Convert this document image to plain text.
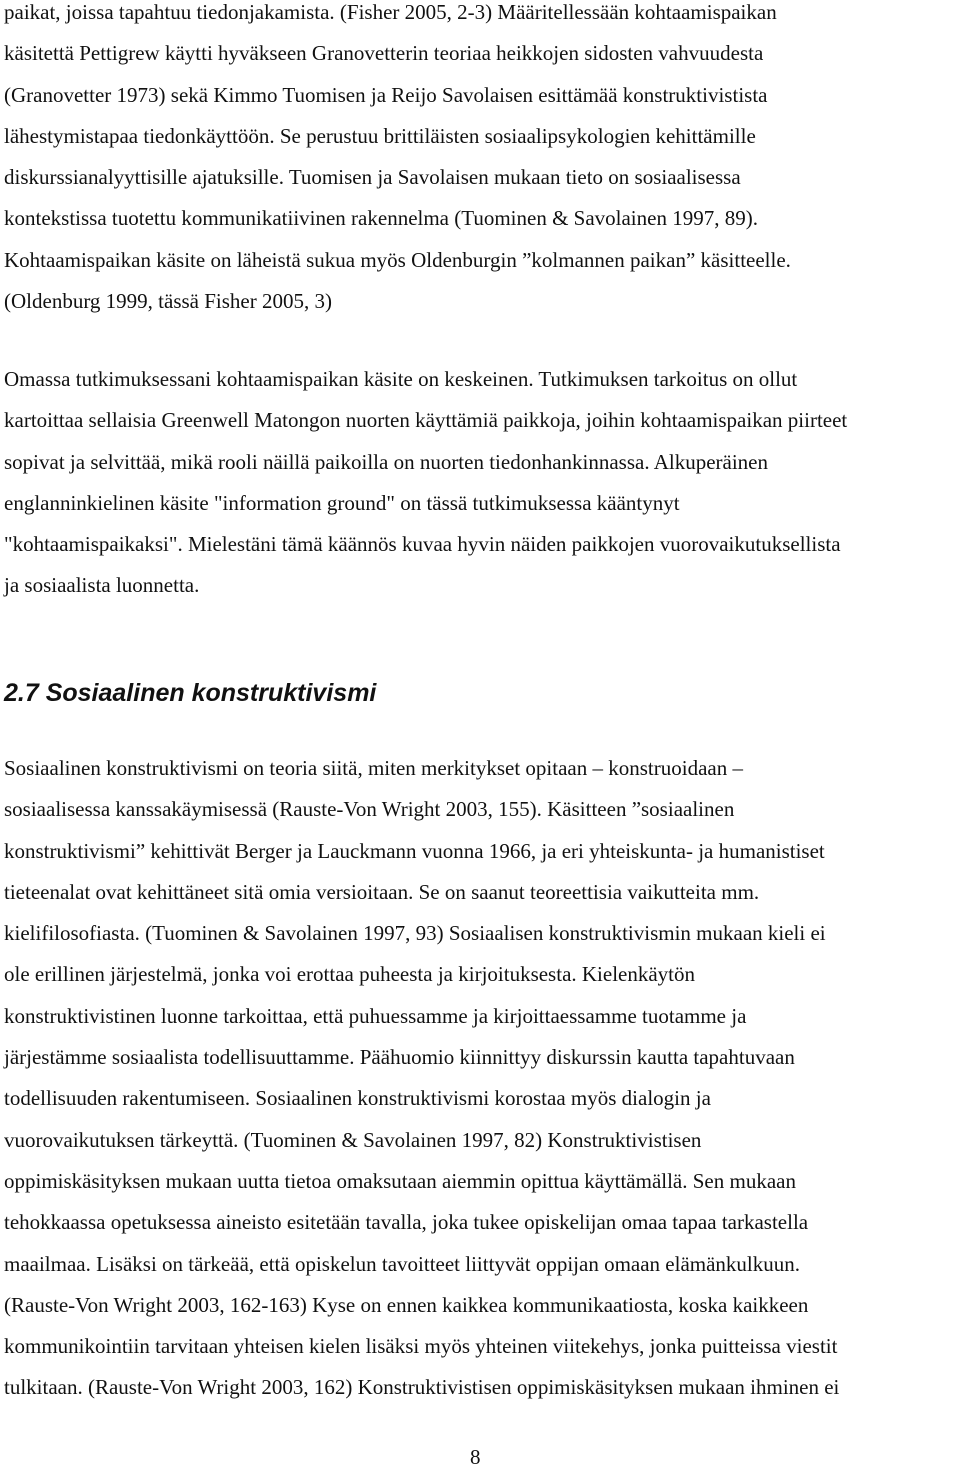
paikat, joissa tapahtuu tiedonjakamista. (Fisher 2005, 2-3) Määritellessään kohtaamispaikan
käsitettä Pettigrew käytti hyväkseen Granovetterin teoriaa heikkojen sidosten vahvuudesta
(Granovetter 1973) sekä Kimmo Tuomisen ja Reijo Savolaisen esittämää konstruktivistista
lähestymistapaa tiedonkäyttöön. Se perustuu brittiläisten sosiaalipsykologien kehittämille
diskurssianalyyttisille ajatuksille. Tuomisen ja Savolaisen mukaan tieto on sosiaalisessa
kontekstissa tuotettu kommunikatiivinen rakennelma (Tuominen & Savolainen 1997, 89).
Kohtaamispaikan käsite on läheistä sukua myös Oldenburgin ”kolmannen paikan” käsitteelle.
(Oldenburg 1999, tässä Fisher 2005, 3)
Omassa tutkimuksessani kohtaamispaikan käsite on keskeinen. Tutkimuksen tarkoitus on ollut
kartoittaa sellaisia Greenwell Matongon nuorten käyttämiä paikkoja, joihin kohtaamispaikan piirteet
sopivat ja selvittää, mikä rooli näillä paikoilla on nuorten tiedonhankinnassa. Alkuperäinen
englanninkielinen käsite "information ground" on tässä tutkimuksessa kääntynyt
"kohtaamispaikaksi". Mielestäni tämä käännös kuvaa hyvin näiden paikkojen vuorovaikutuksellista
ja sosiaalista luonnetta.
2.7 Sosiaalinen konstruktivismi
Sosiaalinen konstruktivismi on teoria siitä, miten merkitykset opitaan – konstruoidaan –
sosiaalisessa kanssakäymisessä (Rauste-Von Wright 2003, 155). Käsitteen ”sosiaalinen
konstruktivismi” kehittivät Berger ja Lauckmann vuonna 1966, ja eri yhteiskunta- ja humanistiset
tieteenalat ovat kehittäneet sitä omia versioitaan. Se on saanut teoreettisia vaikutteita mm.
kielifilosofiasta. (Tuominen & Savolainen 1997, 93) Sosiaalisen konstruktivismin mukaan kieli ei
ole erillinen järjestelmä, jonka voi erottaa puheesta ja kirjoituksesta. Kielenkäytön
konstruktivistinen luonne tarkoittaa, että puhuessamme ja kirjoittaessamme tuotamme ja
järjestämme sosiaalista todellisuuttamme. Päähuomio kiinnittyy diskurssin kautta tapahtuvaan
todellisuuden rakentumiseen. Sosiaalinen konstruktivismi korostaa myös dialogin ja
vuorovaikutuksen tärkeyttä. (Tuominen & Savolainen 1997, 82) Konstruktivistisen
oppimiskäsityksen mukaan uutta tietoa omaksutaan aiemmin opittua käyttämällä. Sen mukaan
tehokkaassa opetuksessa aineisto esitetään tavalla, joka tukee opiskelijan omaa tapaa tarkastella
maailmaa. Lisäksi on tärkeää, että opiskelun tavoitteet liittyvät oppijan omaan elämänkulkuun.
(Rauste-Von Wright 2003, 162-163) Kyse on ennen kaikkea kommunikaatiosta, koska kaikkeen
kommunikointiin tarvitaan yhteisen kielen lisäksi myös yhteinen viitekehys, jonka puitteissa viestit
tulkitaan. (Rauste-Von Wright 2003, 162) Konstruktivistisen oppimiskäsityksen mukaan ihminen ei
8
